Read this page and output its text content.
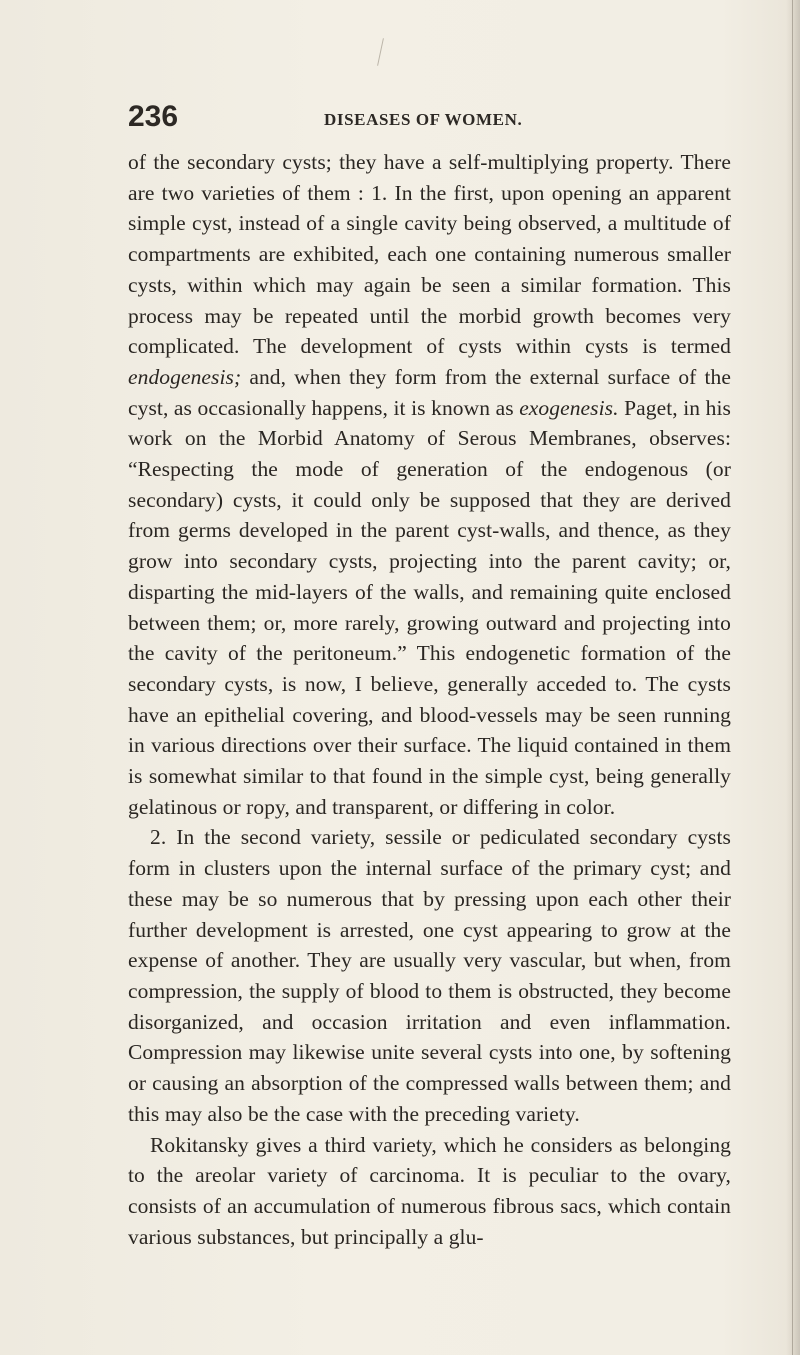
236	DISEASES OF WOMEN.

of the secondary cysts; they have a self-multiplying property. There are two varieties of them : 1. In the first, upon opening an apparent simple cyst, instead of a single cavity being observed, a multitude of compartments are exhibited, each one containing numerous smaller cysts, within which may again be seen a similar formation. This process may be repeated until the morbid growth becomes very complicated. The development of cysts within cysts is termed endogenesis; and, when they form from the external surface of the cyst, as occasionally happens, it is known as exogenesis. Paget, in his work on the Morbid Anatomy of Serous Membranes, observes: “Respecting the mode of generation of the endogenous (or secondary) cysts, it could only be supposed that they are derived from germs developed in the parent cyst-walls, and thence, as they grow into secondary cysts, projecting into the parent cavity; or, disparting the mid-layers of the walls, and remaining quite enclosed between them; or, more rarely, growing outward and projecting into the cavity of the peritoneum.” This endogenetic formation of the secondary cysts, is now, I believe, generally acceded to. The cysts have an epithelial covering, and blood-vessels may be seen running in various directions over their surface. The liquid contained in them is somewhat similar to that found in the simple cyst, being generally gelatinous or ropy, and transparent, or differing in color.

2. In the second variety, sessile or pediculated secondary cysts form in clusters upon the internal surface of the primary cyst; and these may be so numerous that by pressing upon each other their further development is arrested, one cyst appearing to grow at the expense of another. They are usually very vascular, but when, from compression, the supply of blood to them is obstructed, they become disorganized, and occasion irritation and even inflammation. Compression may likewise unite several cysts into one, by softening or causing an absorption of the compressed walls between them; and this may also be the case with the preceding variety.

Rokitansky gives a third variety, which he considers as belonging to the areolar variety of carcinoma. It is peculiar to the ovary, consists of an accumulation of numerous fibrous sacs, which contain various substances, but principally a glu-
